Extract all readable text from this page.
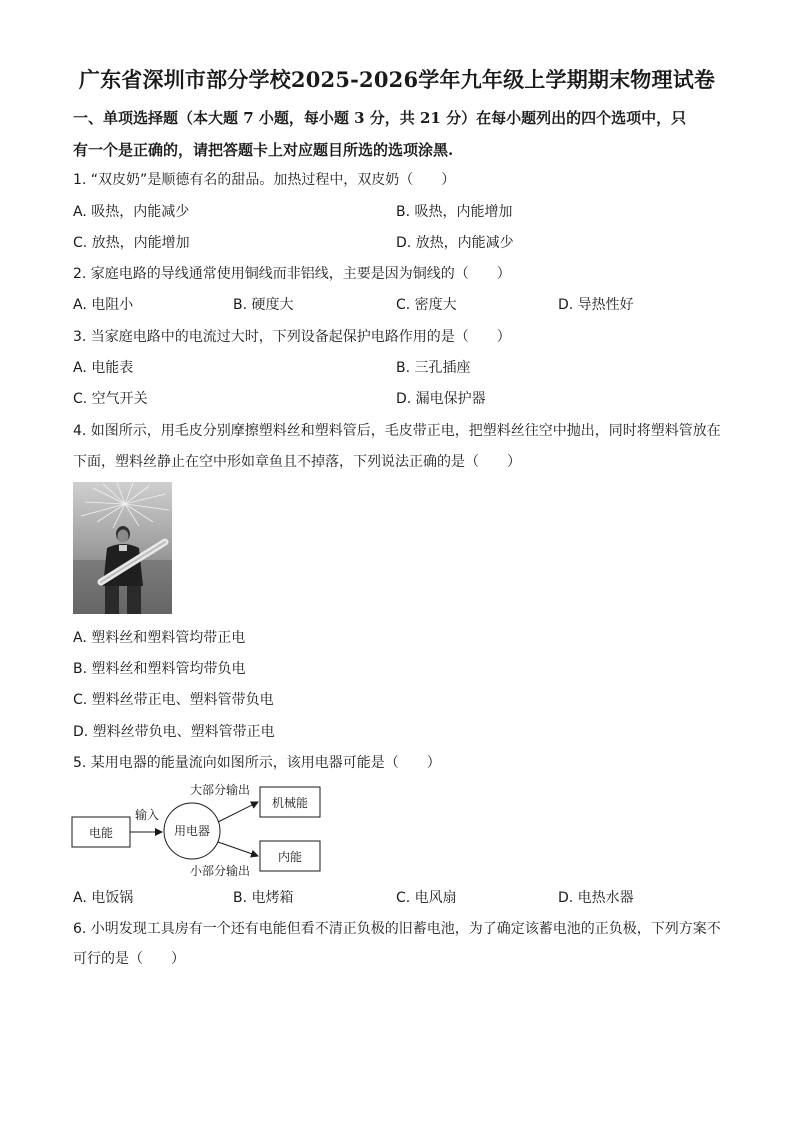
广东省深圳市部分学校2025-2026学年九年级上学期期末物理试卷
一、单项选择题（本大题 7 小题，每小题 3 分，共 21 分）在每小题列出的四个选项中，只
有一个是正确的，请把答题卡上对应题目所选的选项涂黑.
1. “双皮奶”是顺德有名的甜品。加热过程中，双皮奶（　　）
A. 吸热，内能减少	B. 吸热，内能增加
C. 放热，内能增加	D. 放热，内能减少
2. 家庭电路的导线通常使用铜线而非铝线，主要是因为铜线的（　　）
A. 电阻小	B. 硬度大	C. 密度大	D. 导热性好
3. 当家庭电路中的电流过大时，下列设备起保护电路作用的是（　　）
A. 电能表	B. 三孔插座
C. 空气开关	D. 漏电保护器
4. 如图所示，用毛皮分别摩擦塑料丝和塑料管后，毛皮带正电，把塑料丝往空中抛出，同时将塑料管放在
下面，塑料丝静止在空中形如章鱼且不掉落，下列说法正确的是（　　）
A. 塑料丝和塑料管均带正电
B. 塑料丝和塑料管均带负电
C. 塑料丝带正电、塑料管带负电
D. 塑料丝带负电、塑料管带正电
5. 某用电器的能量流向如图所示，该用电器可能是（　　）
电能
输入
用电器
大部分输出
机械能
小部分输出
内能
A. 电饭锅	B. 电烤箱	C. 电风扇	D. 电热水器
6. 小明发现工具房有一个还有电能但看不清正负极的旧蓄电池，为了确定该蓄电池的正负极，下列方案不
可行的是（　　）
